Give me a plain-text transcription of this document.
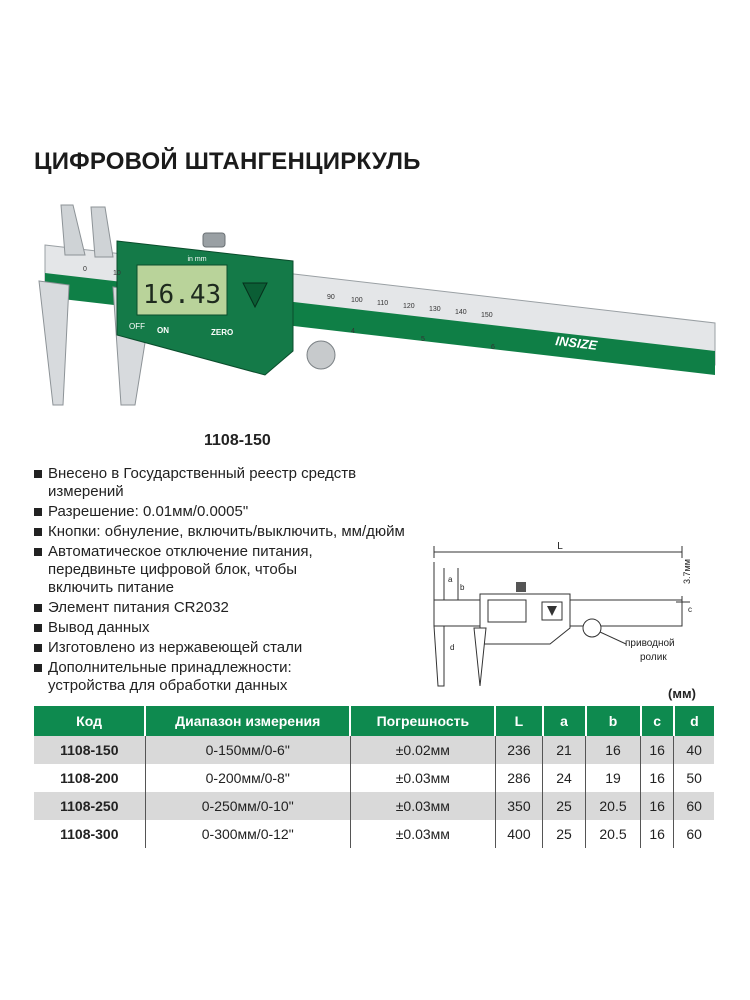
ЦИФРОВОЙ ШТАНГЕНЦИРКУЛЬ
16.43
in mm
OFF ON	ZERO
0
10
90 100 110 120 130 140 150
4
5
6	INSIZE
1108-150
Внесено в Государственный реестр средств измерений
Разрешение: 0.01мм/0.0005"
Кнопки: обнуление, включить/выключить, мм/дюйм
Автоматическое отключение питания,
передвиньте цифровой блок, чтобы
включить питание
Элемент питания CR2032
Вывод данных
Изготовлено из нержавеющей стали
Дополнительные принадлежности:
устройства для обработки данных
L
a
b
d	приводной
ролик
3.7мм
c
(мм)
Код	Диапазон измерения	Погрешность	L	a	b	c	d
1108-150	0-150мм/0-6"	±0.02мм	236	21	16	16	40
1108-200	0-200мм/0-8"	±0.03мм	286	24	19	16	50
1108-250	0-250мм/0-10"	±0.03мм	350	25	20.5	16	60
1108-300	0-300мм/0-12"	±0.03мм	400	25	20.5	16	60
